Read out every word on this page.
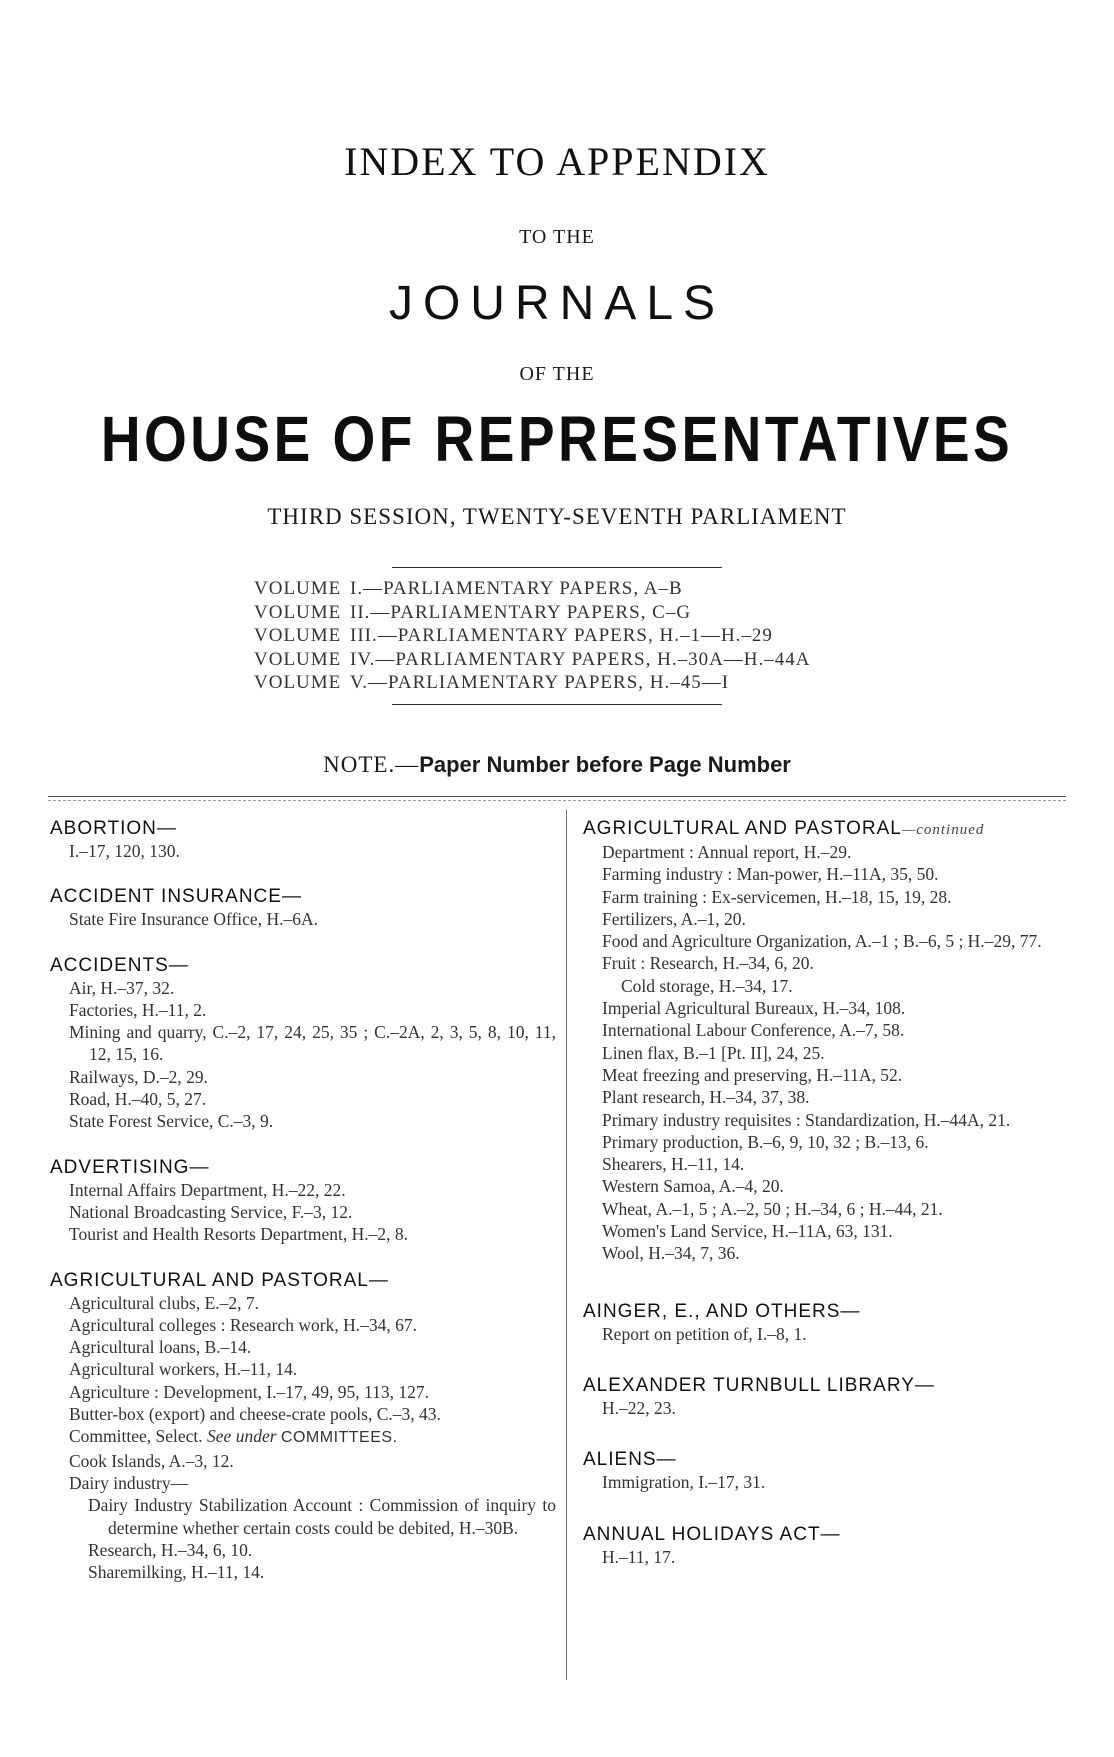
INDEX TO APPENDIX
TO THE
JOURNALS
OF THE
HOUSE OF REPRESENTATIVES
THIRD SESSION, TWENTY-SEVENTH PARLIAMENT
VOLUME I.—PARLIAMENTARY PAPERS, A–B
VOLUME II.—PARLIAMENTARY PAPERS, C–G
VOLUME III.—PARLIAMENTARY PAPERS, H.–1—H.–29
VOLUME IV.—PARLIAMENTARY PAPERS, H.–30A—H.–44A
VOLUME V.—PARLIAMENTARY PAPERS, H.–45—I
NOTE.—Paper Number before Page Number
ABORTION—
I.–17, 120, 130.
ACCIDENT INSURANCE—
State Fire Insurance Office, H.–6A.
ACCIDENTS—
Air, H.–37, 32.
Factories, H.–11, 2.
Mining and quarry, C.–2, 17, 24, 25, 35 ; C.–2A, 2, 3, 5, 8, 10, 11, 12, 15, 16.
Railways, D.–2, 29.
Road, H.–40, 5, 27.
State Forest Service, C.–3, 9.
ADVERTISING—
Internal Affairs Department, H.–22, 22.
National Broadcasting Service, F.–3, 12.
Tourist and Health Resorts Department, H.–2, 8.
AGRICULTURAL AND PASTORAL—
Agricultural clubs, E.–2, 7.
Agricultural colleges : Research work, H.–34, 67.
Agricultural loans, B.–14.
Agricultural workers, H.–11, 14.
Agriculture : Development, I.–17, 49, 95, 113, 127.
Butter-box (export) and cheese-crate pools, C.–3, 43.
Committee, Select. See under COMMITTEES.
Cook Islands, A.–3, 12.
Dairy industry—
Dairy Industry Stabilization Account : Commission of inquiry to determine whether certain costs could be debited, H.–30B.
Research, H.–34, 6, 10.
Sharemilking, H.–11, 14.
AGRICULTURAL AND PASTORAL—continued
Department : Annual report, H.–29.
Farming industry : Man-power, H.–11A, 35, 50.
Farm training : Ex-servicemen, H.–18, 15, 19, 28.
Fertilizers, A.–1, 20.
Food and Agriculture Organization, A.–1 ; B.–6, 5 ; H.–29, 77.
Fruit : Research, H.–34, 6, 20.
Cold storage, H.–34, 17.
Imperial Agricultural Bureaux, H.–34, 108.
International Labour Conference, A.–7, 58.
Linen flax, B.–1 [Pt. II], 24, 25.
Meat freezing and preserving, H.–11A, 52.
Plant research, H.–34, 37, 38.
Primary industry requisites : Standardization, H.–44A, 21.
Primary production, B.–6, 9, 10, 32 ; B.–13, 6.
Shearers, H.–11, 14.
Western Samoa, A.–4, 20.
Wheat, A.–1, 5 ; A.–2, 50 ; H.–34, 6 ; H.–44, 21.
Women's Land Service, H.–11A, 63, 131.
Wool, H.–34, 7, 36.
AINGER, E., AND OTHERS—
Report on petition of, I.–8, 1.
ALEXANDER TURNBULL LIBRARY—
H.–22, 23.
ALIENS—
Immigration, I.–17, 31.
ANNUAL HOLIDAYS ACT—
H.–11, 17.
